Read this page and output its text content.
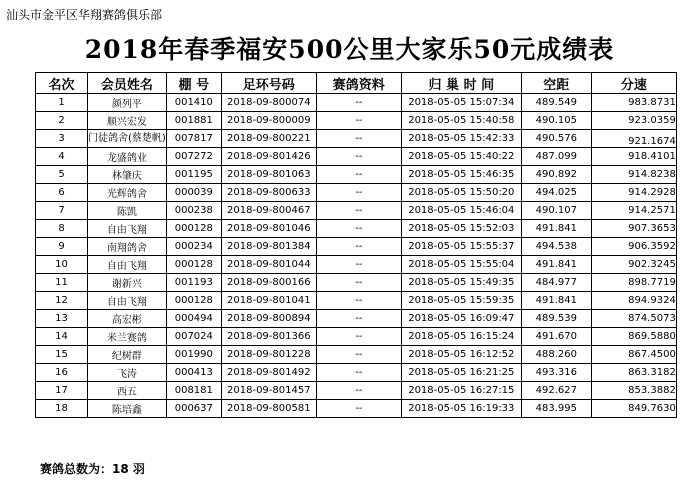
汕头市金平区华翔赛鸽俱乐部
2018年春季福安500公里大家乐50元成绩表
名次	会员姓名	棚 号	足环号码	赛鸽资料	归 巢 时 间	空距	分速
1	颜列平	001410	2018-09-800074	--	2018-05-05 15:07:34	489.549	983.8731
2	顺兴宏发	001881	2018-09-800009	--	2018-05-05 15:40:58	490.105	923.0359
3	门徒鸽舍(蔡楚帆)	007817	2018-09-800221	--	2018-05-05 15:42:33	490.576	921.1674
4	龙盛鸽业	007272	2018-09-801426	--	2018-05-05 15:40:22	487.099	918.4101
5	林肇庆	001195	2018-09-801063	--	2018-05-05 15:46:35	490.892	914.8238
6	光辉鸽舍	000039	2018-09-800633	--	2018-05-05 15:50:20	494.025	914.2928
7	陈凯	000238	2018-09-800467	--	2018-05-05 15:46:04	490.107	914.2571
8	自由飞翔	000128	2018-09-801046	--	2018-05-05 15:52:03	491.841	907.3653
9	南翔鸽舍	000234	2018-09-801384	--	2018-05-05 15:55:37	494.538	906.3592
10	自由飞翔	000128	2018-09-801044	--	2018-05-05 15:55:04	491.841	902.3245
11	谢新兴	001193	2018-09-800166	--	2018-05-05 15:49:35	484.977	898.7719
12	自由飞翔	000128	2018-09-801041	--	2018-05-05 15:59:35	491.841	894.9324
13	高宏彬	000494	2018-09-800894	--	2018-05-05 16:09:47	489.539	874.5073
14	米兰赛鸽	007024	2018-09-801366	--	2018-05-05 16:15:24	491.670	869.5880
15	纪树群	001990	2018-09-801228	--	2018-05-05 16:12:52	488.260	867.4500
16	飞涛	000413	2018-09-801492	--	2018-05-05 16:21:25	493.316	863.3182
17	西五	008181	2018-09-801457	--	2018-05-05 16:27:15	492.627	853.3882
18	陈培鑫	000637	2018-09-800581	--	2018-05-05 16:19:33	483.995	849.7630
赛鸽总数为：18 羽
